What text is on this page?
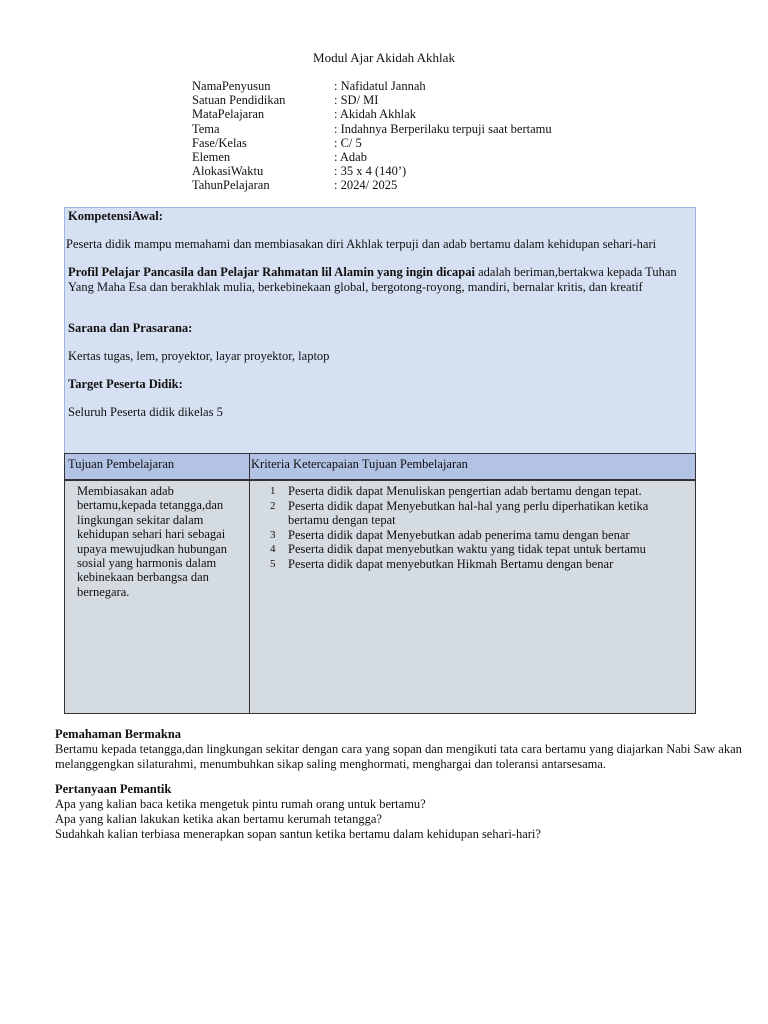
Modul Ajar Akidah Akhlak
NamaPenyusun	: Nafidatul Jannah
Satuan Pendidikan	: SD/ MI
MataPelajaran	: Akidah Akhlak
Tema	: Indahnya Berperilaku terpuji saat bertamu
Fase/Kelas	: C/ 5
Elemen	: Adab
AlokasiWaktu	: 35 x 4 (140’)
TahunPelajaran	: 2024/ 2025
KompetensiAwal:
Peserta didik mampu memahami dan membiasakan diri Akhlak terpuji dan adab bertamu dalam kehidupan sehari-hari
Profil Pelajar Pancasila dan Pelajar Rahmatan lil Alamin yang ingin dicapai adalah beriman,bertakwa kepada Tuhan Yang Maha Esa dan berakhlak mulia, berkebinekaan global, bergotong-royong, mandiri, bernalar kritis, dan kreatif
Sarana dan Prasarana:
Kertas tugas, lem, proyektor, layar proyektor, laptop
Target Peserta Didik:
Seluruh Peserta didik dikelas 5
Tujuan Pembelajaran	Kriteria Ketercapaian Tujuan Pembelajaran
Membiasakan adab bertamu,kepada tetangga,dan lingkungan sekitar dalam kehidupan sehari hari sebagai upaya mewujudkan hubungan sosial yang harmonis dalam kebinekaan berbangsa dan bernegara.
1	Peserta didik dapat Menuliskan pengertian adab bertamu dengan tepat.
2	Peserta didik dapat Menyebutkan hal-hal yang perlu diperhatikan ketika bertamu dengan tepat
3	Peserta didik dapat Menyebutkan adab penerima tamu dengan benar
4	Peserta didik dapat menyebutkan waktu yang tidak tepat untuk bertamu
5	Peserta didik dapat menyebutkan Hikmah Bertamu dengan benar
Pemahaman Bermakna
Bertamu kepada tetangga,dan lingkungan sekitar dengan cara yang sopan dan mengikuti tata cara bertamu yang diajarkan Nabi Saw akan melanggengkan silaturahmi, menumbuhkan sikap saling menghormati, menghargai dan toleransi antarsesama.
Pertanyaan Pemantik
Apa yang kalian baca ketika mengetuk pintu rumah orang untuk bertamu?
Apa yang kalian lakukan ketika akan bertamu kerumah tetangga?
Sudahkah kalian terbiasa menerapkan sopan santun ketika bertamu dalam kehidupan sehari-hari?
